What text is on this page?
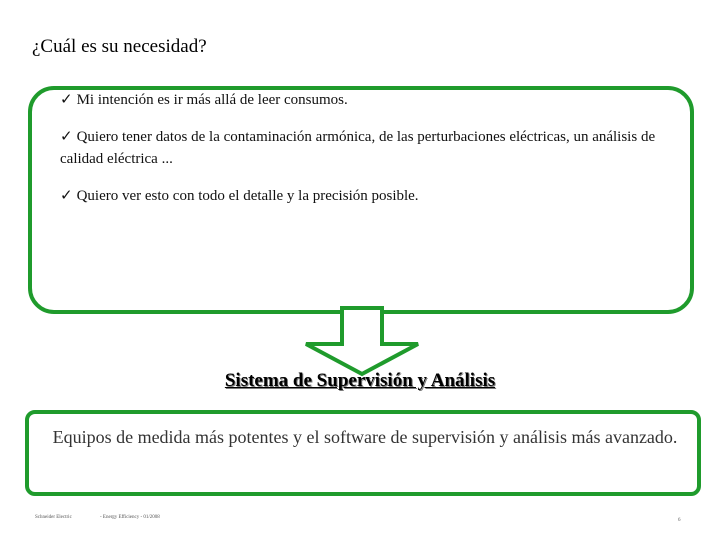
¿Cuál es su necesidad?
✓ Mi intención es ir más allá de leer consumos.
✓ Quiero tener datos de la contaminación armónica, de las perturbaciones eléctricas, un análisis de calidad eléctrica ...
✓ Quiero ver esto con todo el detalle y la precisión posible.
Sistema de Supervisión y Análisis
Equipos de medida más potentes y el software de supervisión y análisis más avanzado.
Schneider Electric	- Energy Efficiency - 01/2008
6
